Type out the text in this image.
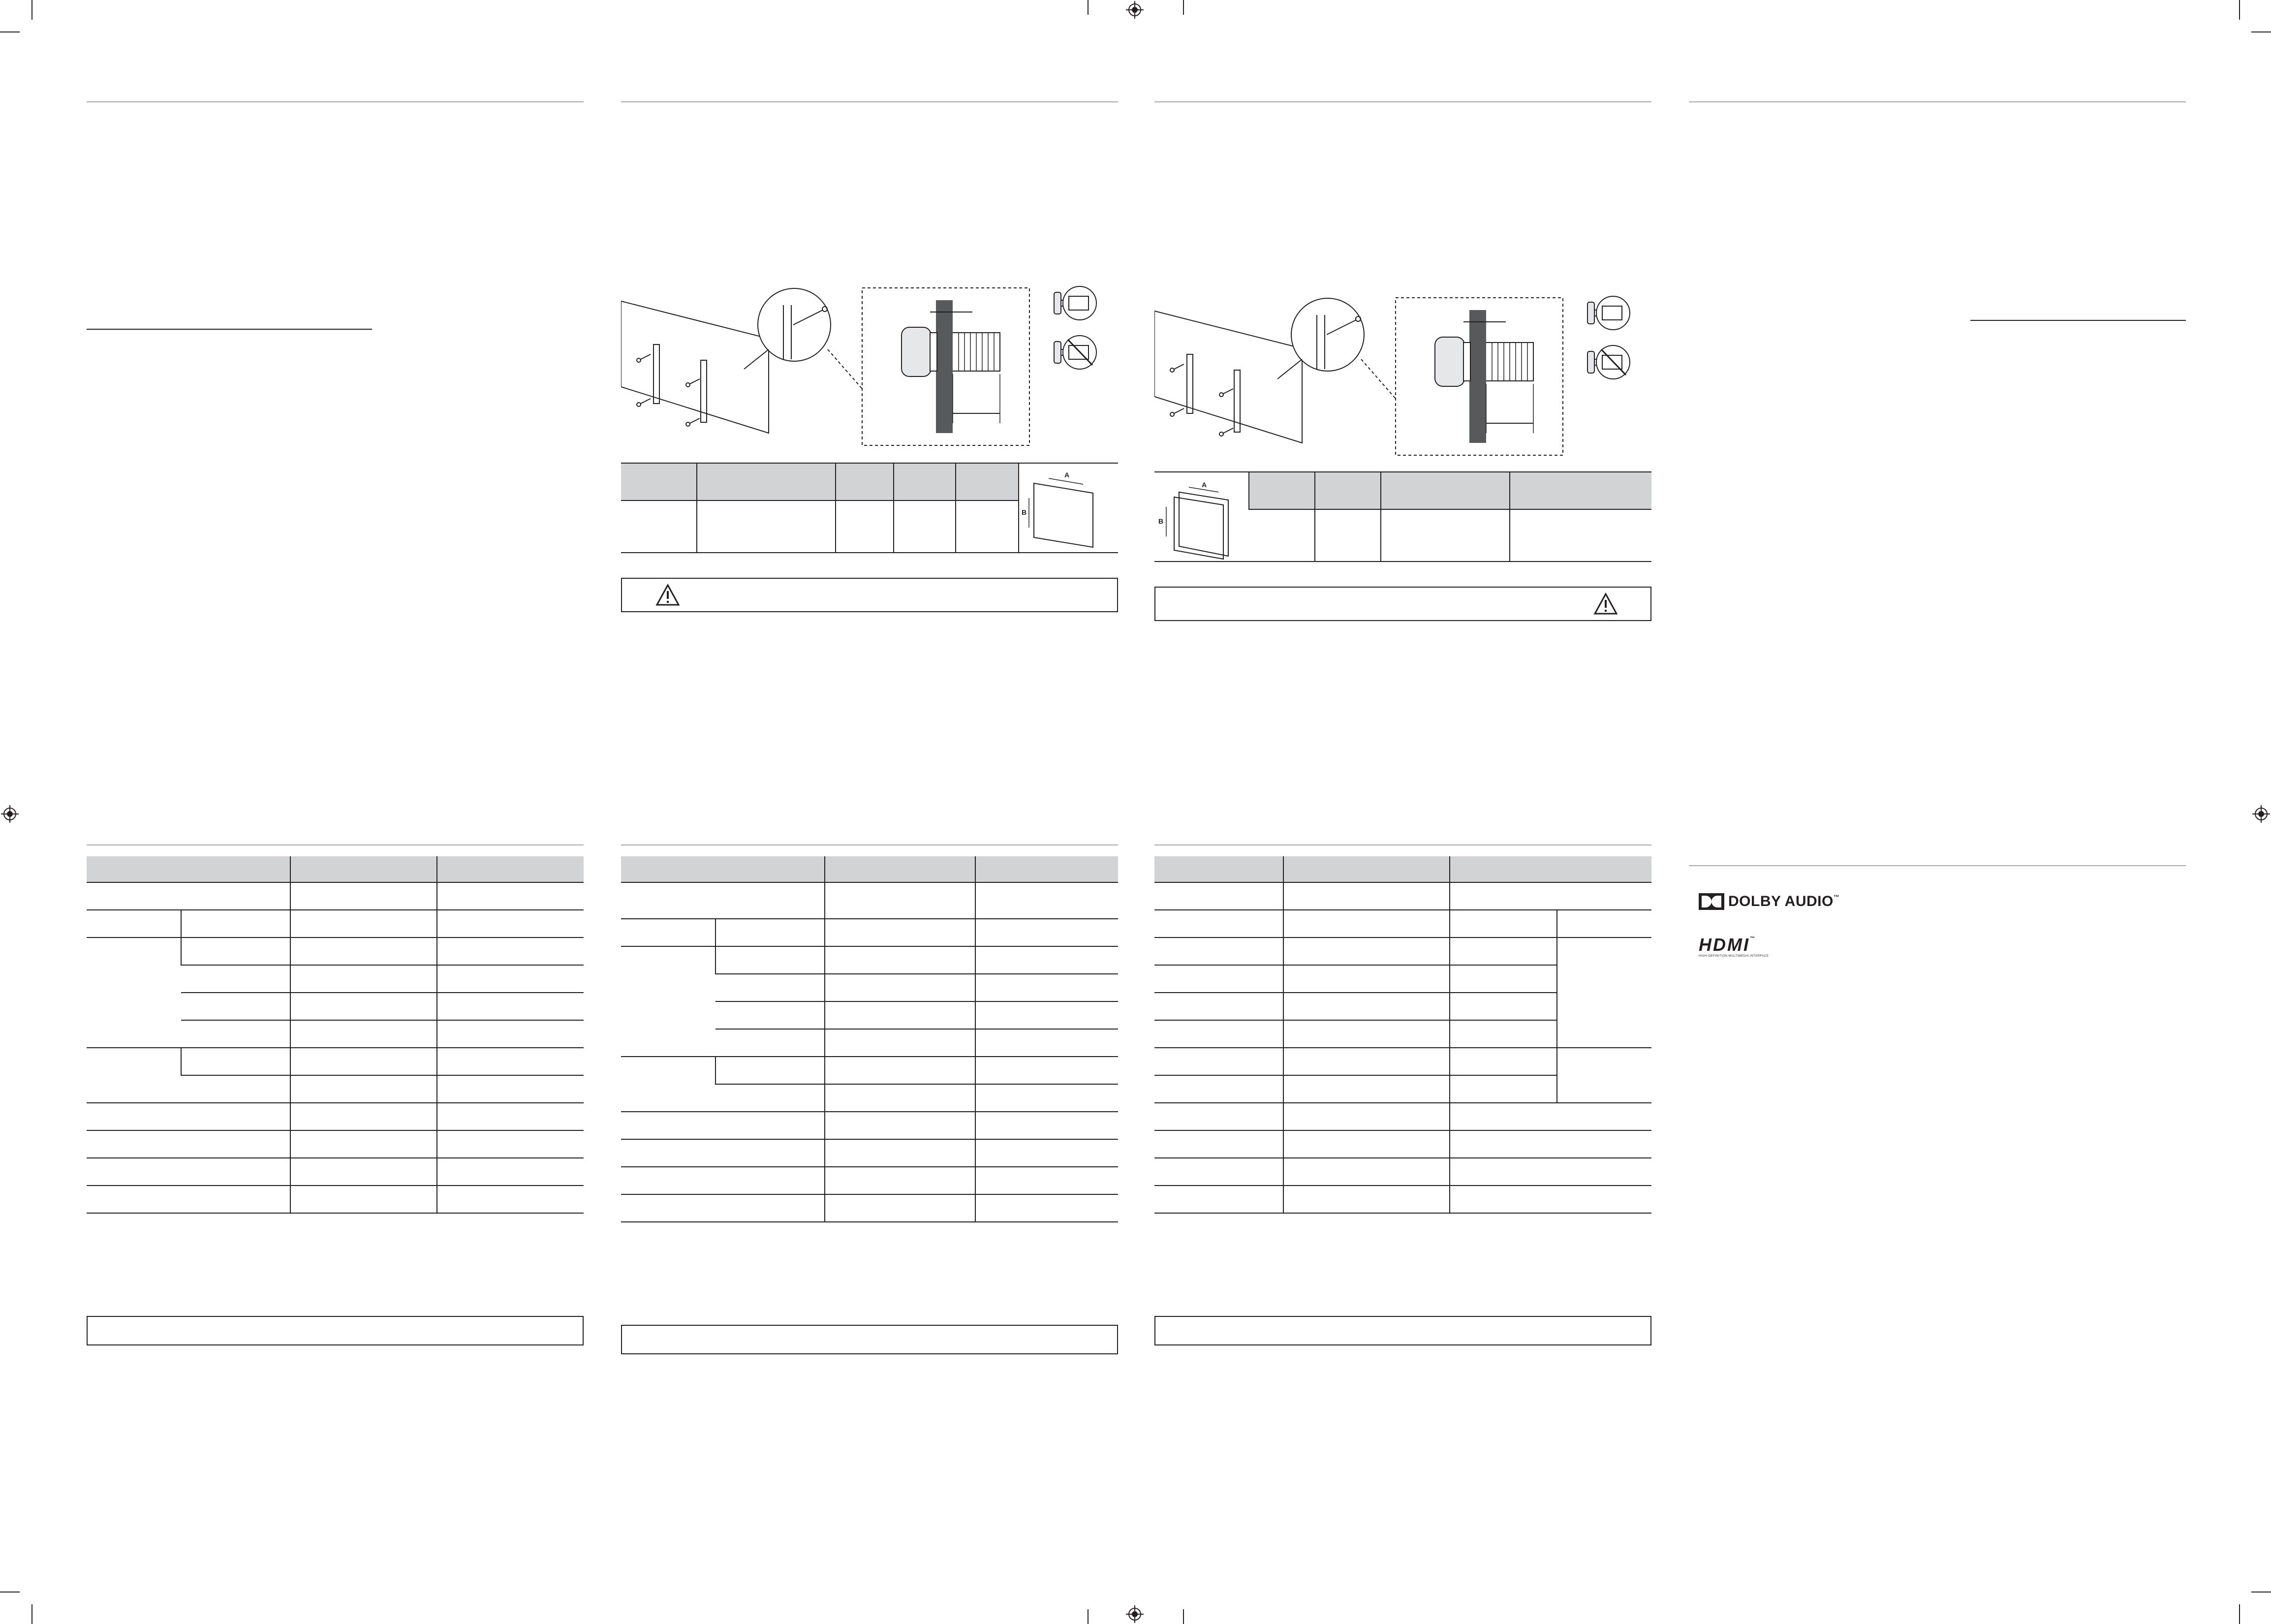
A
B

A
B				

DOLBY AUDIO ™
HDMI ™
HIGH-DEFINITION MULTIMEDIA INTERFACE
